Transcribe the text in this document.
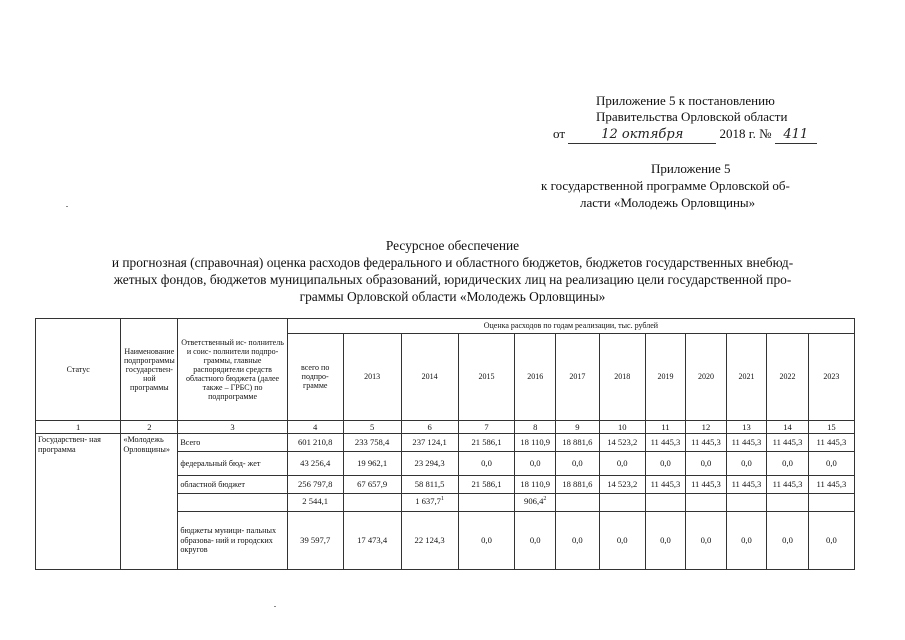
Приложение 5 к постановлению
Правительства Орловской области
от	12 октября	2018 г. № 411
Приложение 5
к государственной программе Орловской об-
ласти «Молодежь Орловщины»
Ресурсное обеспечение
и прогнозная (справочная) оценка расходов федерального и областного бюджетов, бюджетов государственных внебюд-
жетных фондов, бюджетов муниципальных образований, юридических лиц на реализацию цели государственной про-
граммы Орловской области «Молодежь Орловщины»
Статус	Наименование подпрограммы государствен- ной программы	Ответственный ис- полнитель и соис- полнители подпро- граммы, главные распорядители средств областного бюджета (далее также – ГРБС) по подпрограмме	Оценка расходов по годам реализации, тыс. рублей											
			всего по подпро- грамме	2013	2014	2015	2016	2017	2018	2019	2020	2021	2022	2023
1	2	3	4	5	6	7	8	9	10	11	12	13	14	15
Государствен- ная программа	«Молодежь Орловщины»	Всего	601 210,8	233 758,4	237 124,1	21 586,1	18 110,9	18 881,6	14 523,2	11 445,3	11 445,3	11 445,3	11 445,3	11 445,3
		федеральный бюд- жет	43 256,4	19 962,1	23 294,3	0,0	0,0	0,0	0,0	0,0	0,0	0,0	0,0	0,0
		областной бюджет	256 797,8	67 657,9	58 811,5	21 586,1	18 110,9	18 881,6	14 523,2	11 445,3	11 445,3	11 445,3	11 445,3	11 445,3
			2 544,1		1 637,7$^1$		906,4$^2$							
		бюджеты муници- пальных образова- ний и городских округов	39 597,7	17 473,4	22 124,3	0,0	0,0	0,0	0,0	0,0	0,0	0,0	0,0	0,0
